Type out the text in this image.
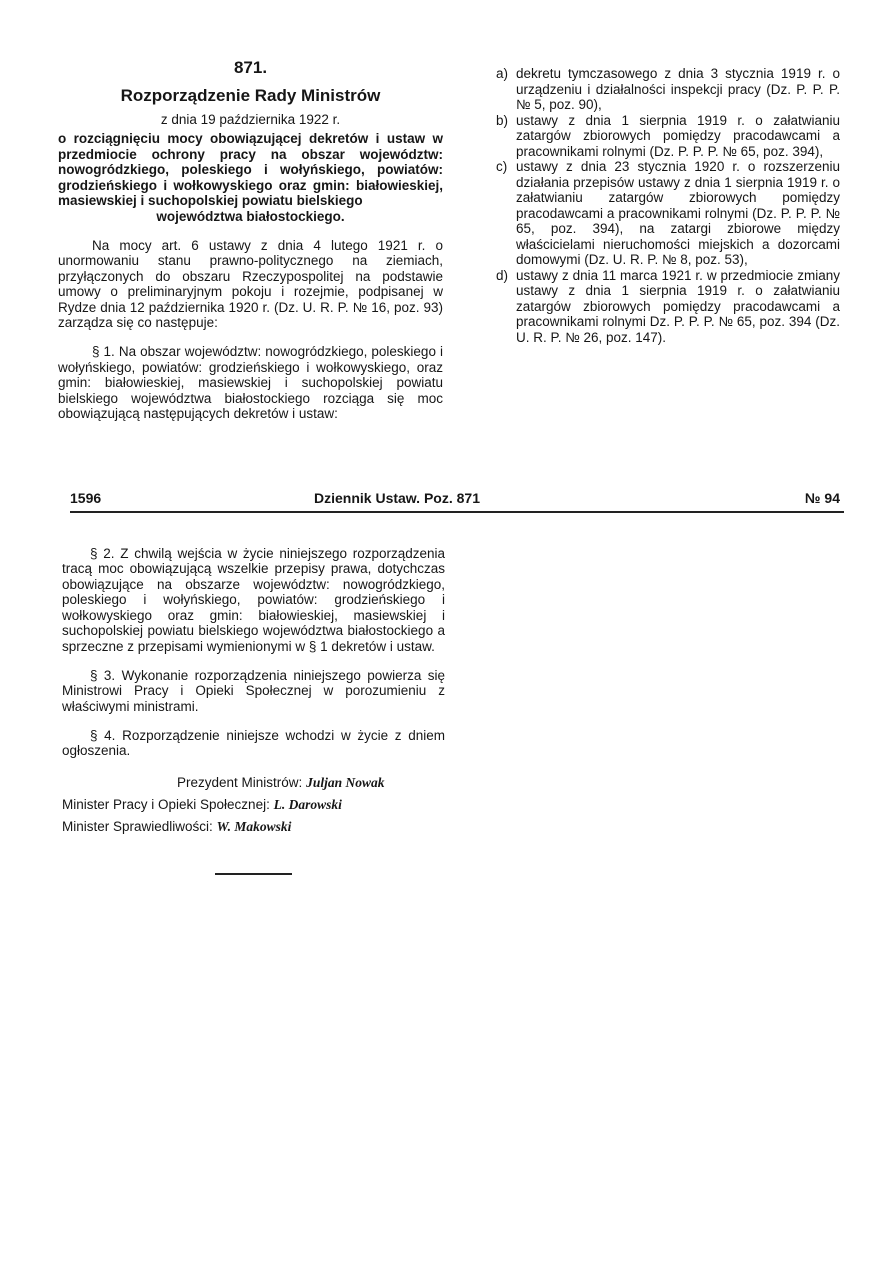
871.

Rozporządzenie Rady Ministrów

z dnia 19 października 1922 r.

o rozciągnięciu mocy obowiązującej dekretów i ustaw w przedmiocie ochrony pracy na obszar województw: nowogródzkiego, poleskiego i wołyńskiego, powiatów: grodzieńskiego i wołkowyskiego oraz gmin: białowieskiej, masiewskiej i suchopolskiej powiatu bielskiego
województwa białostockiego.

Na mocy art. 6 ustawy z dnia 4 lutego 1921 r. o unormowaniu stanu prawno-politycznego na ziemiach, przyłączonych do obszaru Rzeczypospolitej na podstawie umowy o preliminaryjnym pokoju i rozejmie, podpisanej w Rydze dnia 12 października 1920 r. (Dz. U. R. P. № 16, poz. 93) zarządza się co następuje:

§ 1. Na obszar województw: nowogródzkiego, poleskiego i wołyńskiego, powiatów: grodzieńskiego i wołkowyskiego, oraz gmin: białowieskiej, masiewskiej i suchopolskiej powiatu bielskiego województwa białostockiego rozciąga się moc obowiązującą następujących dekretów i ustaw:

a) dekretu tymczasowego z dnia 3 stycznia 1919 r. o urządzeniu i działalności inspekcji pracy (Dz. P. P. P. № 5, poz. 90),
b) ustawy z dnia 1 sierpnia 1919 r. o załatwianiu zatargów zbiorowych pomiędzy pracodawcami a pracownikami rolnymi (Dz. P. P. P. № 65, poz. 394),
c) ustawy z dnia 23 stycznia 1920 r. o rozszerzeniu działania przepisów ustawy z dnia 1 sierpnia 1919 r. o załatwianiu zatargów zbiorowych pomiędzy pracodawcami a pracownikami rolnymi (Dz. P. P. P. № 65, poz. 394), na zatargi zbiorowe między właścicielami nieruchomości miejskich a dozorcami domowymi (Dz. U. R. P. № 8, poz. 53),
d) ustawy z dnia 11 marca 1921 r. w przedmiocie zmiany ustawy z dnia 1 sierpnia 1919 r. o załatwianiu zatargów zbiorowych pomiędzy pracodawcami a pracownikami rolnymi Dz. P. P. P. № 65, poz. 394 (Dz. U. R. P. № 26, poz. 147).
1596	Dziennik Ustaw. Poz. 871	№ 94

§ 2. Z chwilą wejścia w życie niniejszego rozporządzenia tracą moc obowiązującą wszelkie przepisy prawa, dotychczas obowiązujące na obszarze województw: nowogródzkiego, poleskiego i wołyńskiego, powiatów: grodzieńskiego i wołkowyskiego oraz gmin: białowieskiej, masiewskiej i suchopolskiej powiatu bielskiego województwa białostockiego a sprzeczne z przepisami wymienionymi w § 1 dekretów i ustaw.

§ 3. Wykonanie rozporządzenia niniejszego powierza się Ministrowi Pracy i Opieki Społecznej w porozumieniu z właściwymi ministrami.

§ 4. Rozporządzenie niniejsze wchodzi w życie z dniem ogłoszenia.

Prezydent Ministrów: Juljan Nowak

Minister Pracy i Opieki Społecznej: L. Darowski

Minister Sprawiedliwości: W. Makowski
